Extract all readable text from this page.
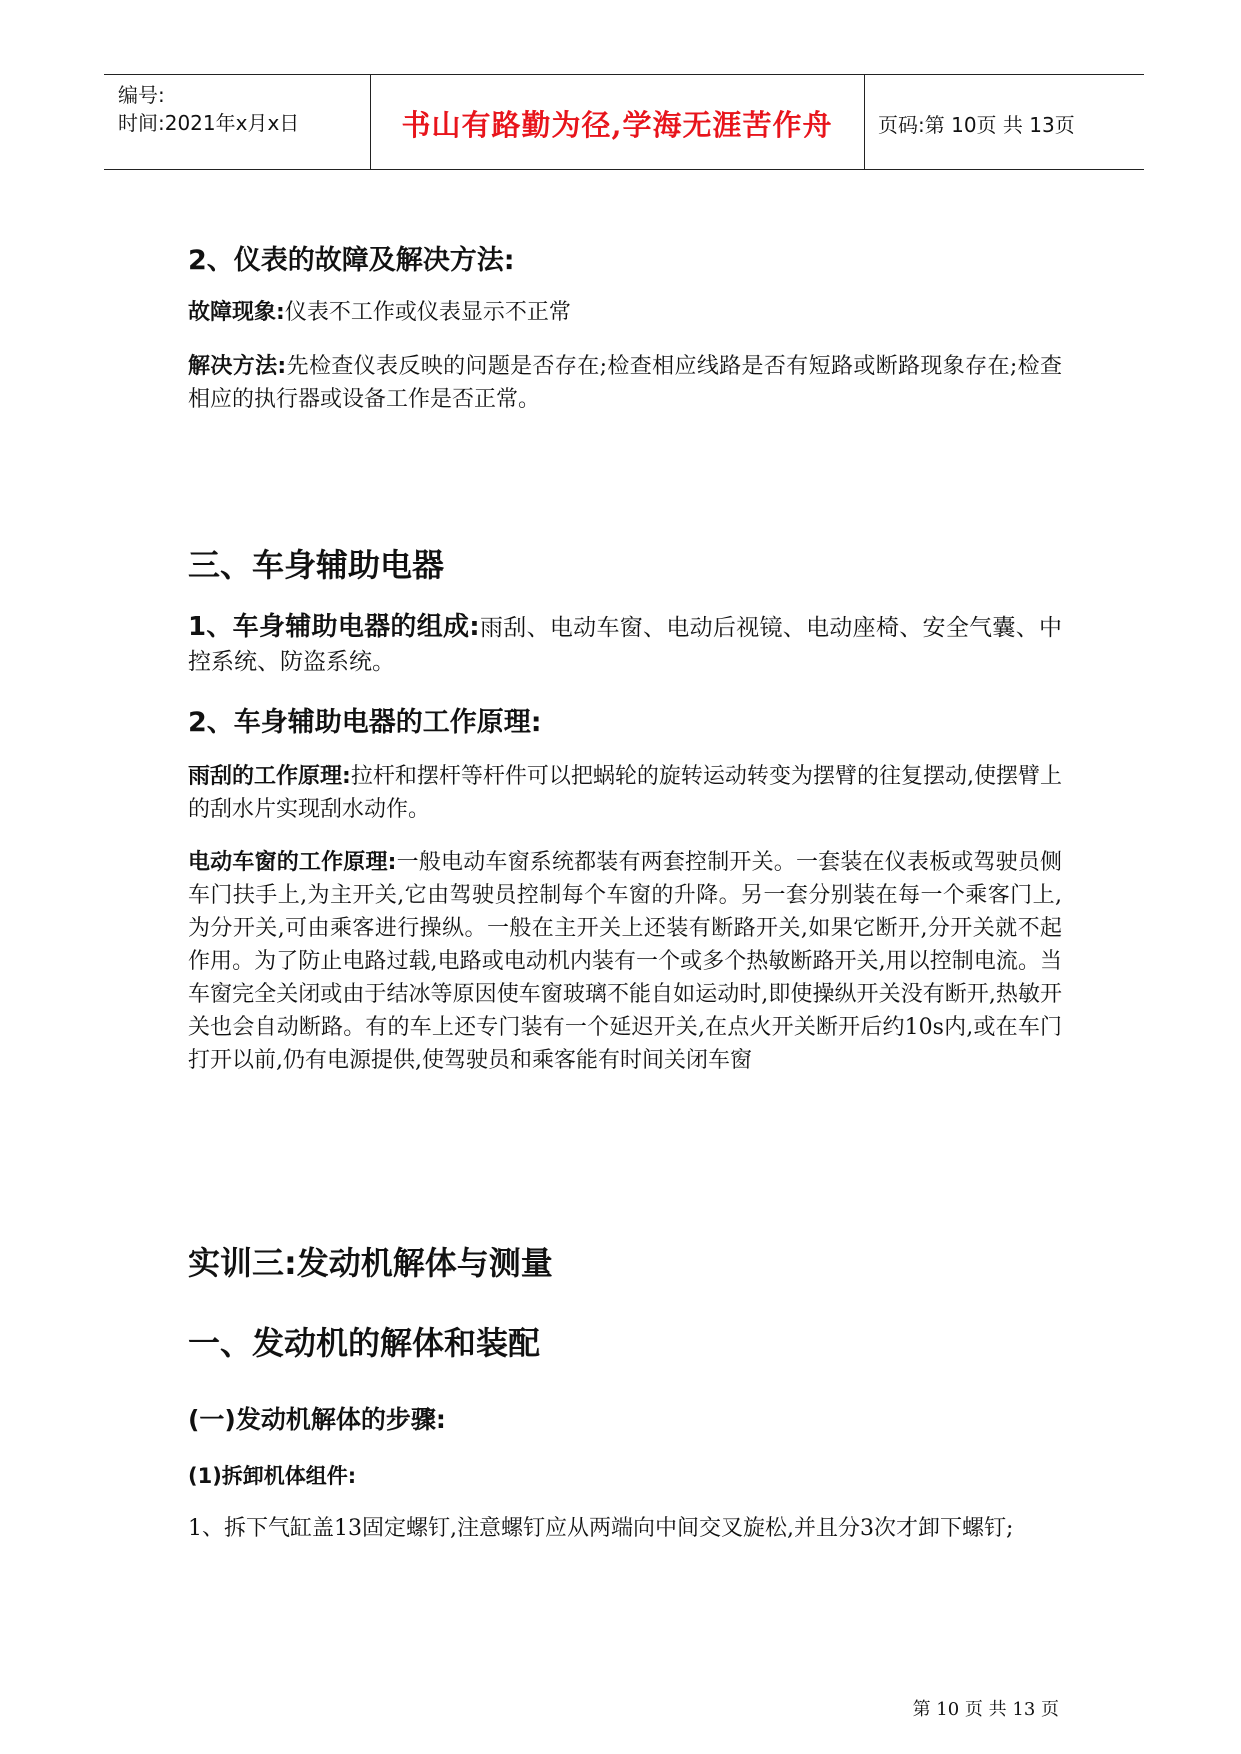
编号:
时间:2021年x月x日	书山有路勤为径,学海无涯苦作舟	页码:第 10页 共 13页
2、仪表的故障及解决方法:
故障现象:仪表不工作或仪表显示不正常
解决方法:先检查仪表反映的问题是否存在;检查相应线路是否有短路或断路现象存在;检查相应的执行器或设备工作是否正常。
三、车身辅助电器
1、车身辅助电器的组成:雨刮、电动车窗、电动后视镜、电动座椅、安全气囊、中控系统、防盗系统。
2、车身辅助电器的工作原理:
雨刮的工作原理:拉杆和摆杆等杆件可以把蜗轮的旋转运动转变为摆臂的往复摆动,使摆臂上的刮水片实现刮水动作。
电动车窗的工作原理:一般电动车窗系统都装有两套控制开关。一套装在仪表板或驾驶员侧车门扶手上,为主开关,它由驾驶员控制每个车窗的升降。另一套分别装在每一个乘客门上,为分开关,可由乘客进行操纵。一般在主开关上还装有断路开关,如果它断开,分开关就不起作用。为了防止电路过载,电路或电动机内装有一个或多个热敏断路开关,用以控制电流。当车窗完全关闭或由于结冰等原因使车窗玻璃不能自如运动时,即使操纵开关没有断开,热敏开关也会自动断路。有的车上还专门装有一个延迟开关,在点火开关断开后约10s内,或在车门打开以前,仍有电源提供,使驾驶员和乘客能有时间关闭车窗
实训三:发动机解体与测量
一、发动机的解体和装配
(一)发动机解体的步骤:
(1)拆卸机体组件:
1、拆下气缸盖13固定螺钉,注意螺钉应从两端向中间交叉旋松,并且分3次才卸下螺钉;
第 10 页 共 13 页
